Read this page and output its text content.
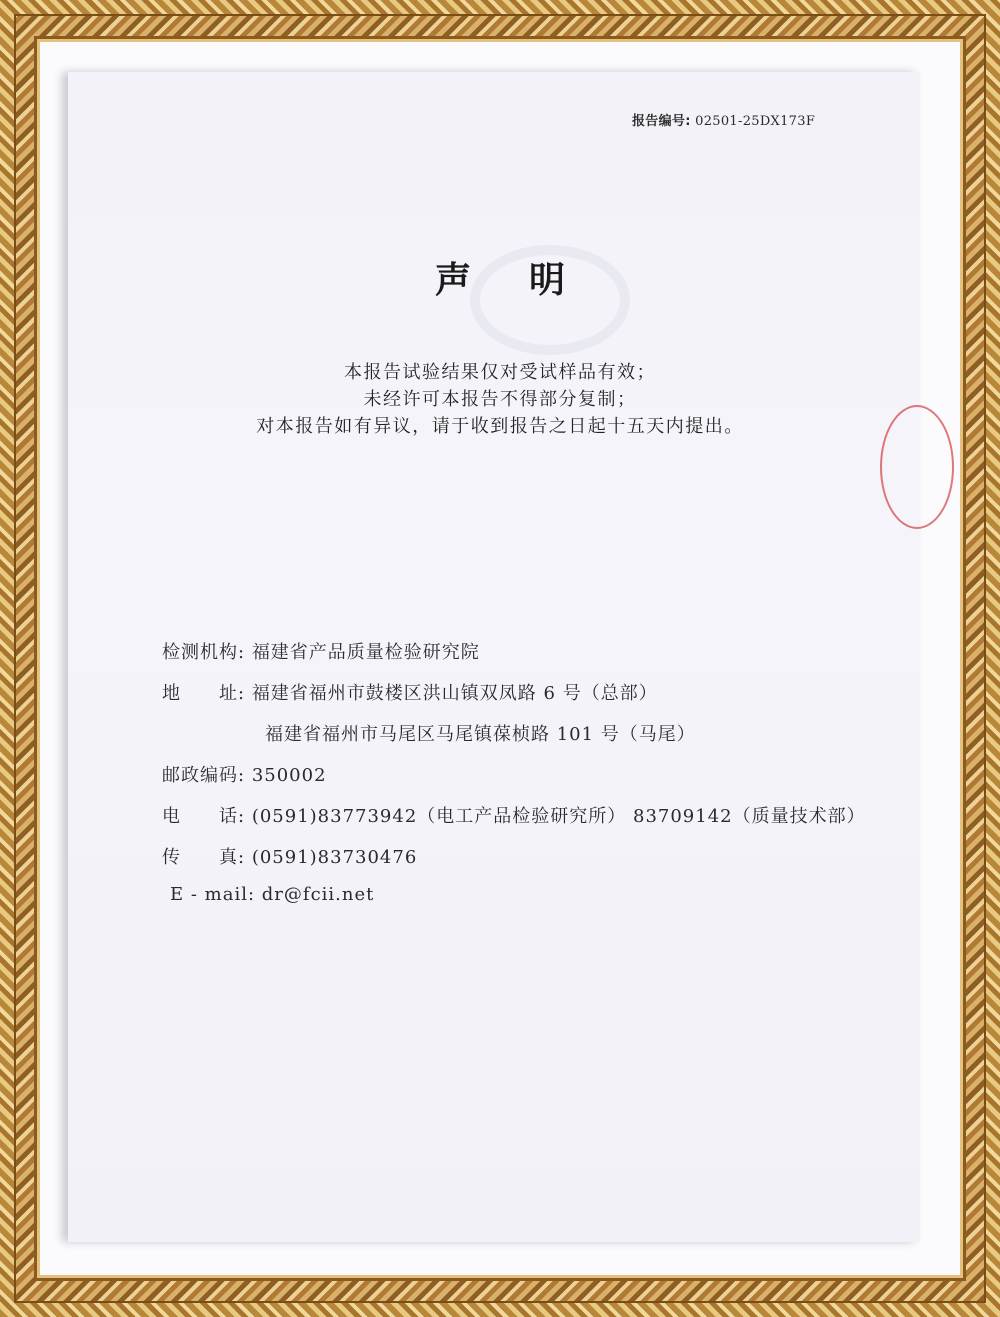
报告编号: 02501-25DX173F
声明
本报告试验结果仅对受试样品有效；
未经许可本报告不得部分复制；
对本报告如有异议，请于收到报告之日起十五天内提出。
检测机构: 福建省产品质量检验研究院
地　　址: 福建省福州市鼓楼区洪山镇双凤路 6 号（总部）
福建省福州市马尾区马尾镇葆桢路 101 号（马尾）
邮政编码: 350002
电　　话: (0591)83773942（电工产品检验研究所） 83709142（质量技术部）
传　　真: (0591)83730476
E - mail: dr@fcii.net
